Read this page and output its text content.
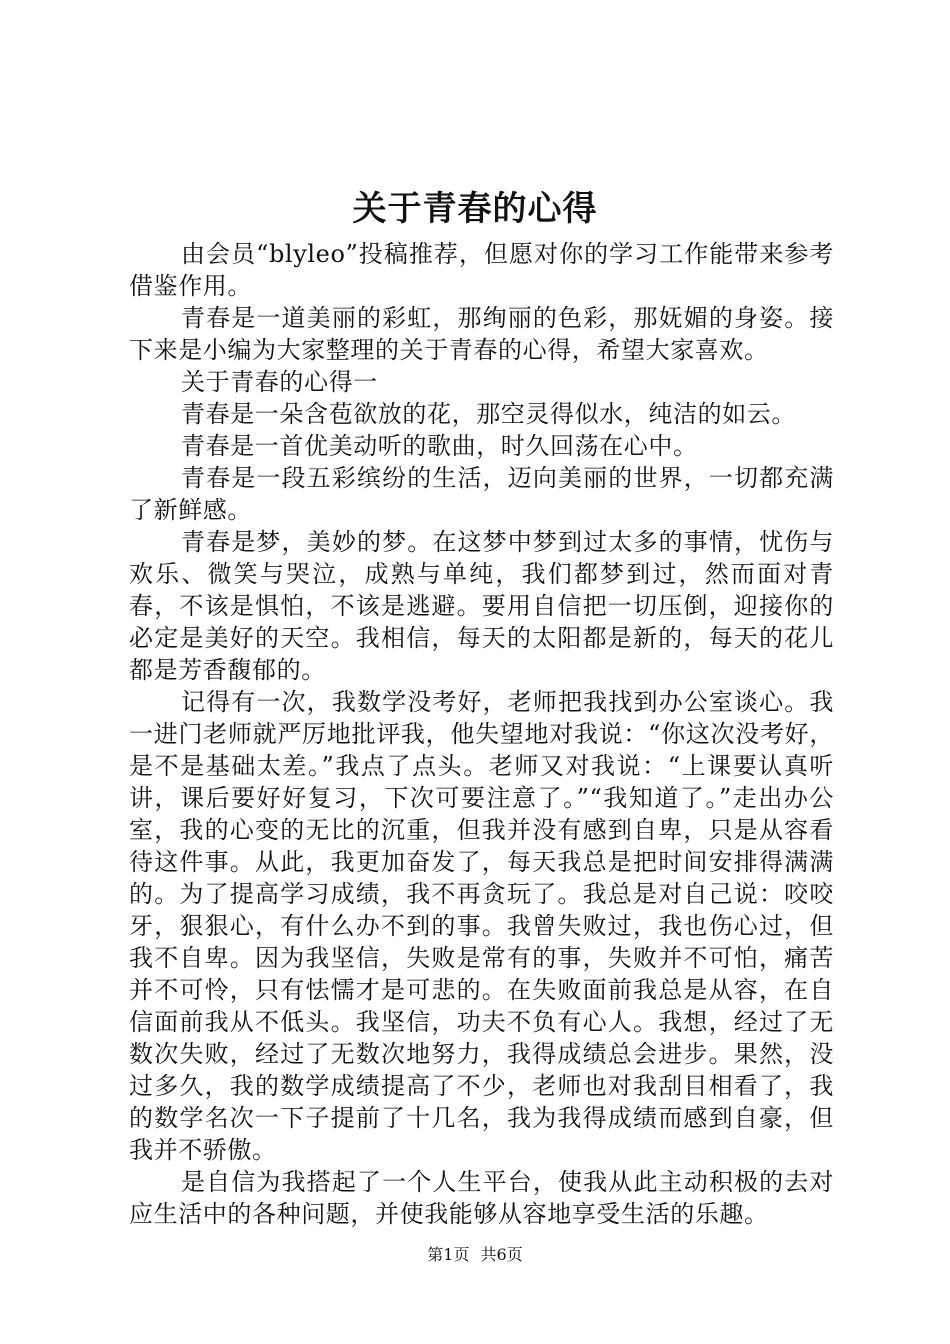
关于青春的心得

由会员“blyleo”投稿推荐，但愿对你的学习工作能带来参考借鉴作用。

青春是一道美丽的彩虹，那绚丽的色彩，那妩媚的身姿。接下来是小编为大家整理的关于青春的心得，希望大家喜欢。

关于青春的心得一

青春是一朵含苞欲放的花，那空灵得似水，纯洁的如云。

青春是一首优美动听的歌曲，时久回荡在心中。

青春是一段五彩缤纷的生活，迈向美丽的世界，一切都充满了新鲜感。

青春是梦，美妙的梦。在这梦中梦到过太多的事情，忧伤与欢乐、微笑与哭泣，成熟与单纯，我们都梦到过，然而面对青春，不该是惧怕，不该是逃避。要用自信把一切压倒，迎接你的必定是美好的天空。我相信，每天的太阳都是新的，每天的花儿都是芳香馥郁的。

记得有一次，我数学没考好，老师把我找到办公室谈心。我一进门老师就严厉地批评我，他失望地对我说：“你这次没考好，是不是基础太差。”我点了点头。老师又对我说：“上课要认真听讲，课后要好好复习，下次可要注意了。”“我知道了。”走出办公室，我的心变的无比的沉重，但我并没有感到自卑，只是从容看待这件事。从此，我更加奋发了，每天我总是把时间安排得满满的。为了提高学习成绩，我不再贪玩了。我总是对自己说：咬咬牙，狠狠心，有什么办不到的事。我曾失败过，我也伤心过，但我不自卑。因为我坚信，失败是常有的事，失败并不可怕，痛苦并不可怜，只有怯懦才是可悲的。在失败面前我总是从容，在自信面前我从不低头。我坚信，功夫不负有心人。我想，经过了无数次失败，经过了无数次地努力，我得成绩总会进步。果然，没过多久，我的数学成绩提高了不少，老师也对我刮目相看了，我的数学名次一下子提前了十几名，我为我得成绩而感到自豪，但我并不骄傲。

是自信为我搭起了一个人生平台，使我从此主动积极的去对应生活中的各种问题，并使我能够从容地享受生活的乐趣。

第1页 共6页
